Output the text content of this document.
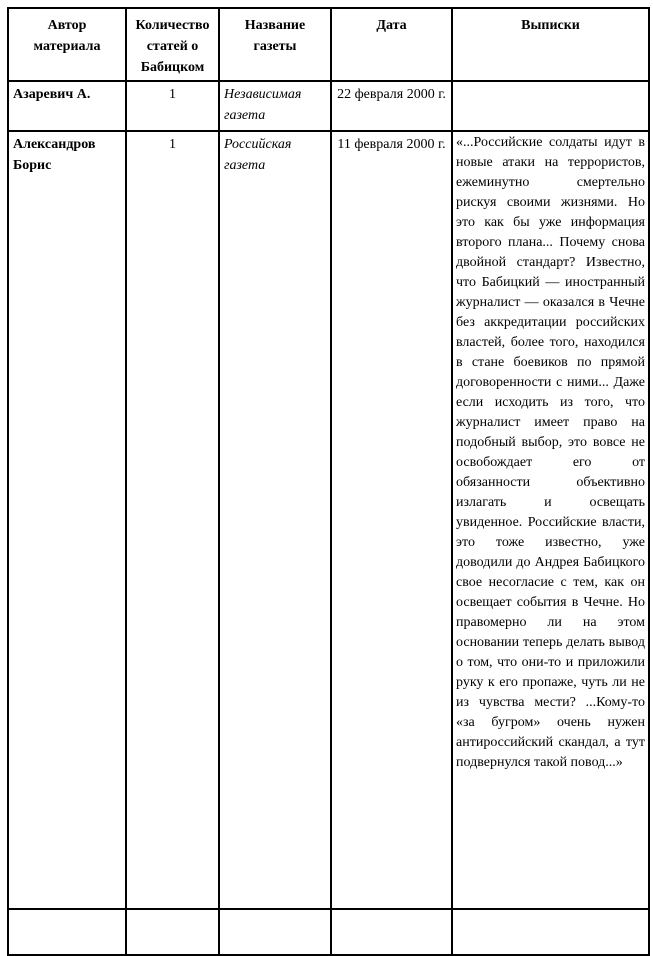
Автор материала	Количество статей о Бабицком	Название газеты	Дата	Выписки
Азаревич А.	1	Независимая газета	22 февраля 2000 г.	
Александров Борис	1	Российская газета	11 февраля 2000 г.	«...Российские солдаты идут в новые атаки на террористов, ежеминутно смертельно рискуя своими жизнями. Но это как бы уже информация второго плана... Почему снова двойной стандарт? Известно, что Бабицкий — иностранный журналист — оказался в Чечне без аккредитации российских властей, более того, находился в стане боевиков по прямой договоренности с ними... Даже если исходить из того, что журналист имеет право на подобный выбор, это вовсе не освобождает его от обязанности объективно излагать и освещать увиденное. Российские власти, это тоже известно, уже доводили до Андрея Бабицкого свое несогласие с тем, как он освещает события в Чечне. Но правомерно ли на этом основании теперь делать вывод о том, что они-то и приложили руку к его пропаже, чуть ли не из чувства мести? ...Кому-то «за бугром» очень нужен антироссийский скандал, а тут подвернулся такой повод...»
